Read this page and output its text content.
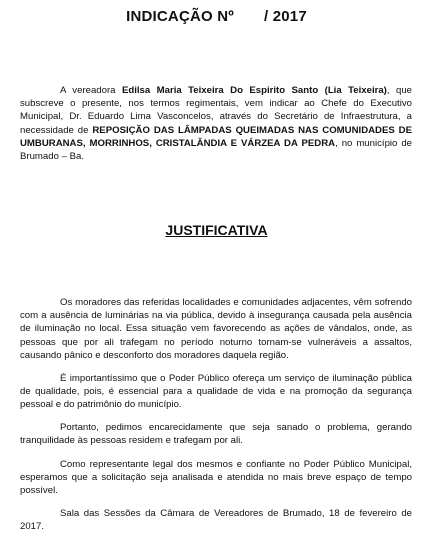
INDICAÇÃO Nº / 2017
A vereadora Edilsa Maria Teixeira Do Espirito Santo (Lia Teixeira), que subscreve o presente, nos termos regimentais, vem indicar ao Chefe do Executivo Municipal, Dr. Eduardo Lima Vasconcelos, através do Secretário de Infraestrutura, a necessidade de REPOSIÇÃO DAS LÂMPADAS QUEIMADAS NAS COMUNIDADES DE UMBURANAS, MORRINHOS, CRISTALÂNDIA E VÁRZEA DA PEDRA, no município de Brumado – Ba.
JUSTIFICATIVA
Os moradores das referidas localidades e comunidades adjacentes, vêm sofrendo com a ausência de luminárias na via pública, devido à insegurança causada pela ausência de iluminação no local. Essa situação vem favorecendo as ações de vândalos, onde, as pessoas que por ali trafegam no período noturno tornam-se vulneráveis a assaltos, causando pânico e desconforto dos moradores daquela região.
É importantíssimo que o Poder Público ofereça um serviço de iluminação pública de qualidade, pois, é essencial para a qualidade de vida e na promoção da segurança pessoal e do patrimônio do município.
Portanto, pedimos encarecidamente que seja sanado o problema, gerando tranquilidade às pessoas residem e trafegam por ali.
Como representante legal dos mesmos e confiante no Poder Público Municipal, esperamos que a solicitação seja analisada e atendida no mais breve espaço de tempo possível.
Sala das Sessões da Câmara de Vereadores de Brumado, 18 de fevereiro de 2017.
